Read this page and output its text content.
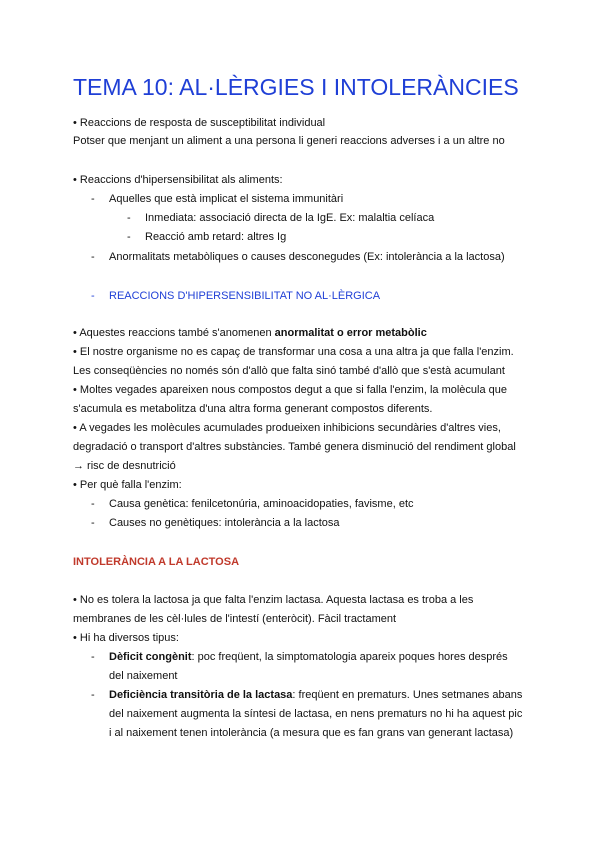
TEMA 10: AL·LÈRGIES I INTOLERÀNCIES
• Reaccions de resposta de susceptibilitat individual
Potser que menjant un aliment a una persona li generi reaccions adverses i a un altre no
• Reaccions d'hipersensibilitat als aliments:
- Aquelles que està implicat el sistema immunitàri
- Inmediata: associació directa de la IgE. Ex: malaltia celíaca
- Reacció amb retard: altres Ig
- Anormalitats metabòliques o causes desconegudes (Ex: intolerància a la lactosa)
- REACCIONS D'HIPERSENSIBILITAT NO AL·LÈRGICA
• Aquestes reaccions també s'anomenen anormalitat o error metabòlic
• El nostre organisme no es capaç de transformar una cosa a una altra ja que falla l'enzim.
Les conseqüències no només són d'allò que falta sinó també d'allò que s'està acumulant
• Moltes vegades apareixen nous compostos degut a que si falla l'enzim, la molècula que
s'acumula es metabolitza d'una altra forma generant compostos diferents.
• A vegades les molècules acumulades produeixen inhibicions secundàries d'altres vies,
degradació o transport d'altres substàncies. També genera disminució del rendiment global
→ risc de desnutrició
• Per què falla l'enzim:
- Causa genètica: fenilcetonúria, aminoacidopaties, favisme, etc
- Causes no genètiques: intolerància a la lactosa
INTOLERÀNCIA A LA LACTOSA
• No es tolera la lactosa ja que falta l'enzim lactasa. Aquesta lactasa es troba a les
membranes de les cèl·lules de l'intestí (enteròcit). Fàcil tractament
• Hi ha diversos tipus:
- Dèficit congènit: poc freqüent, la simptomatologia apareix poques hores després
del naixement
- Deficiència transitòria de la lactasa: freqüent en prematurs. Unes setmanes abans
del naixement augmenta la síntesi de lactasa, en nens prematurs no hi ha aquest pic
i al naixement tenen intolerància (a mesura que es fan grans van generant lactasa)
